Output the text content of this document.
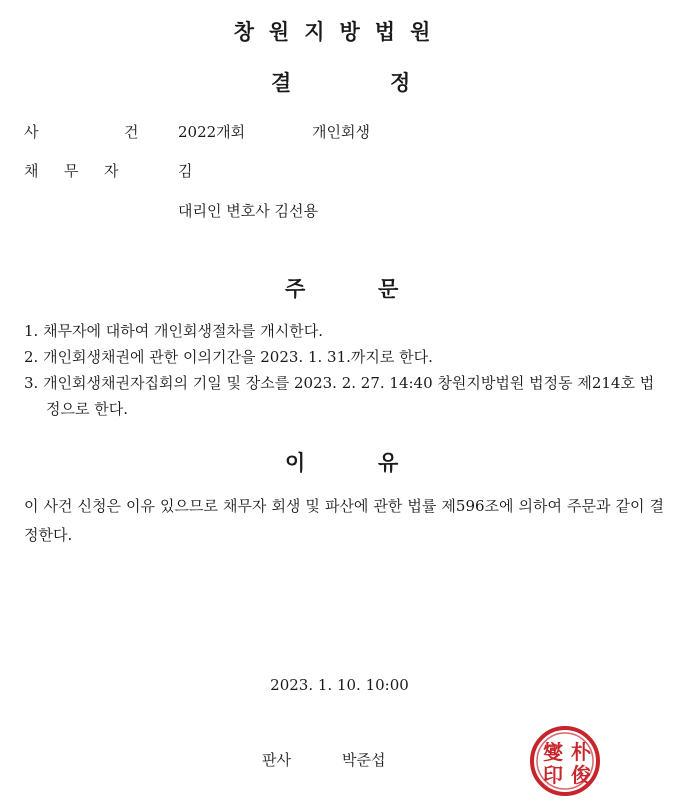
창원지방법원
결	정
사	건	2022개회	개인회생
채 무 자	김
대리인 변호사 김선용
주	문
1. 채무자에 대하여 개인회생절차를 개시한다.
2. 개인회생채권에 관한 이의기간을 2023. 1. 31.까지로 한다.
3. 개인회생채권자집회의 기일 및 장소를 2023. 2. 27. 14:40 창원지방법원 법정동 제214호 법정으로 한다.
이	유
이 사건 신청은 이유 있으므로 채무자 회생 및 파산에 관한 법률 제596조에 의하여 주문과 같이 결정한다.
2023. 1. 10. 10:00
판사	박준섭	朴
俊
燮
印
